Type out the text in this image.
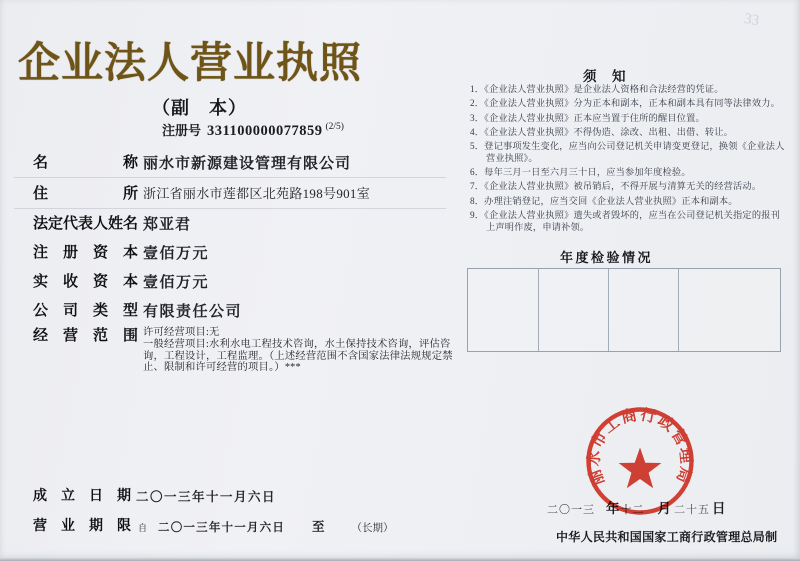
企业法人营业执照
（副　本）
注册号 331100000077859 $^{(2/5)}$
名　　　　　称 丽水市新源建设管理有限公司
住　　　　　所 浙江省丽水市莲都区北苑路198号901室
法定代表人姓名 郑亚君
注　册　资　本 壹佰万元
实　收　资　本 壹佰万元
公　司　类　型 有限责任公司
经　营　范　围 许可经营项目:无
一般经营项目:水利水电工程技术咨询，水土保持技术咨询，评估咨询，工程设计，工程监理。（上述经营范围不含国家法律法规规定禁止、限制和许可经营的项目。）***
成　立　日　期 二〇一三年十一月六日
营　业　期　限 自 二〇一三年十一月六日 至	（长期）
须　知
1．《企业法人营业执照》是企业法人资格和合法经营的凭证。
2．《企业法人营业执照》分为正本和副本，正本和副本具有同等法律效力。
3．《企业法人营业执照》正本应当置于住所的醒目位置。
4．《企业法人营业执照》不得伪造、涂改、出租、出借、转让。
5．登记事项发生变化，应当向公司登记机关申请变更登记，换领《企业法人营业执照》。
6．每年三月一日至六月三十日，应当参加年度检验。
7．《企业法人营业执照》被吊销后，不得开展与清算无关的经营活动。
8．办理注销登记，应当交回《企业法人营业执照》正本和副本。
9．《企业法人营业执照》遗失或者毁坏的，应当在公司登记机关指定的报刊上声明作废，申请补领。
年度检验情况
二〇一三 年 十二 月 二十五 日
中华人民共和国国家工商行政管理总局制
丽水市工商行政管理局
33
